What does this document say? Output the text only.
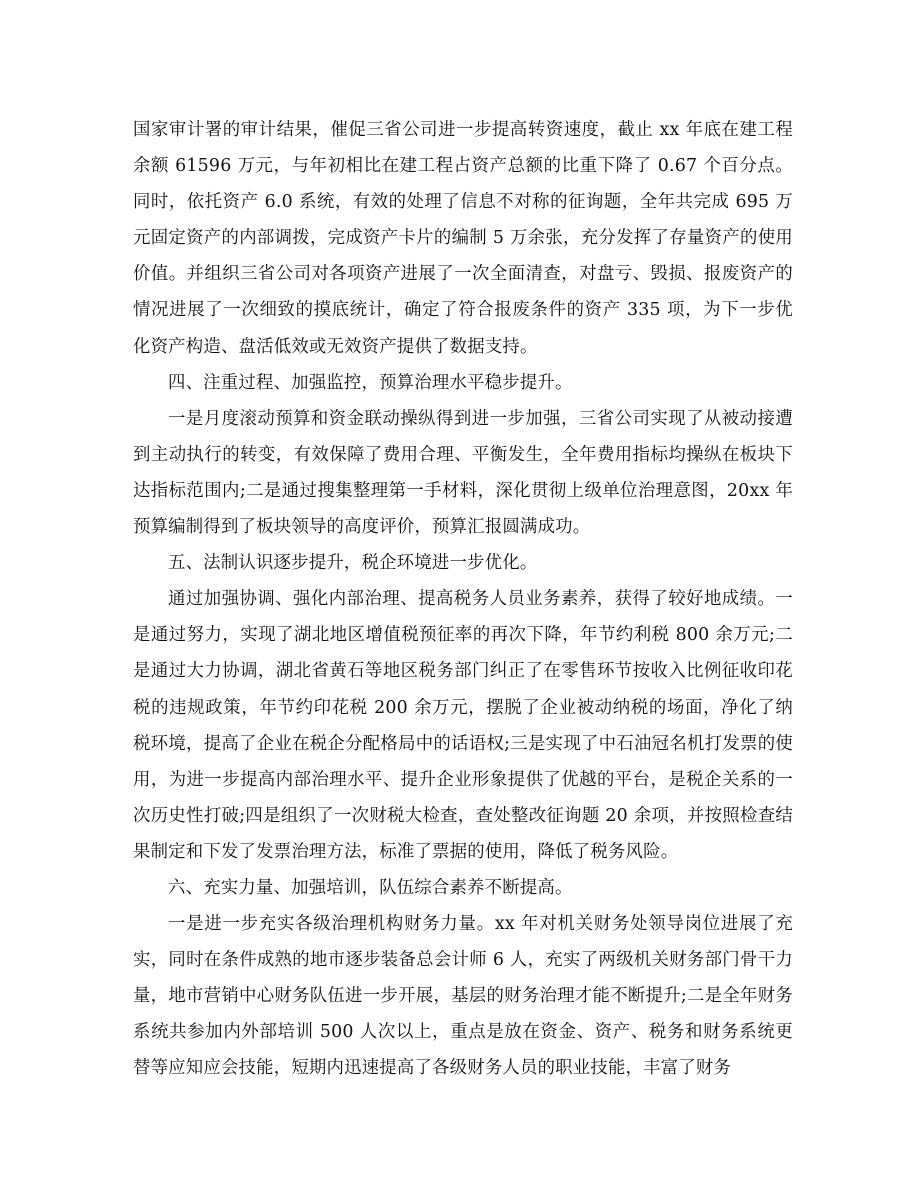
国家审计署的审计结果，催促三省公司进一步提高转资速度，截止 xx 年底在建工程余额 61596 万元，与年初相比在建工程占资产总额的比重下降了 0.67 个百分点。同时，依托资产 6.0 系统，有效的处理了信息不对称的征询题，全年共完成 695 万元固定资产的内部调拨，完成资产卡片的编制 5 万余张，充分发挥了存量资产的使用价值。并组织三省公司对各项资产进展了一次全面清查，对盘亏、毁损、报废资产的情况进展了一次细致的摸底统计，确定了符合报废条件的资产 335 项，为下一步优化资产构造、盘活低效或无效资产提供了数据支持。

四、注重过程、加强监控，预算治理水平稳步提升。

一是月度滚动预算和资金联动操纵得到进一步加强，三省公司实现了从被动接遭到主动执行的转变，有效保障了费用合理、平衡发生，全年费用指标均操纵在板块下达指标范围内;二是通过搜集整理第一手材料，深化贯彻上级单位治理意图，20xx 年预算编制得到了板块领导的高度评价，预算汇报圆满成功。

五、法制认识逐步提升，税企环境进一步优化。

通过加强协调、强化内部治理、提高税务人员业务素养，获得了较好地成绩。一是通过努力，实现了湖北地区增值税预征率的再次下降，年节约利税 800 余万元;二是通过大力协调，湖北省黄石等地区税务部门纠正了在零售环节按收入比例征收印花税的违规政策，年节约印花税 200 余万元，摆脱了企业被动纳税的场面，净化了纳税环境，提高了企业在税企分配格局中的话语权;三是实现了中石油冠名机打发票的使用，为进一步提高内部治理水平、提升企业形象提供了优越的平台，是税企关系的一次历史性打破;四是组织了一次财税大检查，查处整改征询题 20 余项，并按照检查结果制定和下发了发票治理方法，标准了票据的使用，降低了税务风险。

六、充实力量、加强培训，队伍综合素养不断提高。

一是进一步充实各级治理机构财务力量。xx 年对机关财务处领导岗位进展了充实，同时在条件成熟的地市逐步装备总会计师 6 人，充实了两级机关财务部门骨干力量，地市营销中心财务队伍进一步开展，基层的财务治理才能不断提升;二是全年财务系统共参加内外部培训 500 人次以上，重点是放在资金、资产、税务和财务系统更替等应知应会技能，短期内迅速提高了各级财务人员的职业技能，丰富了财务
